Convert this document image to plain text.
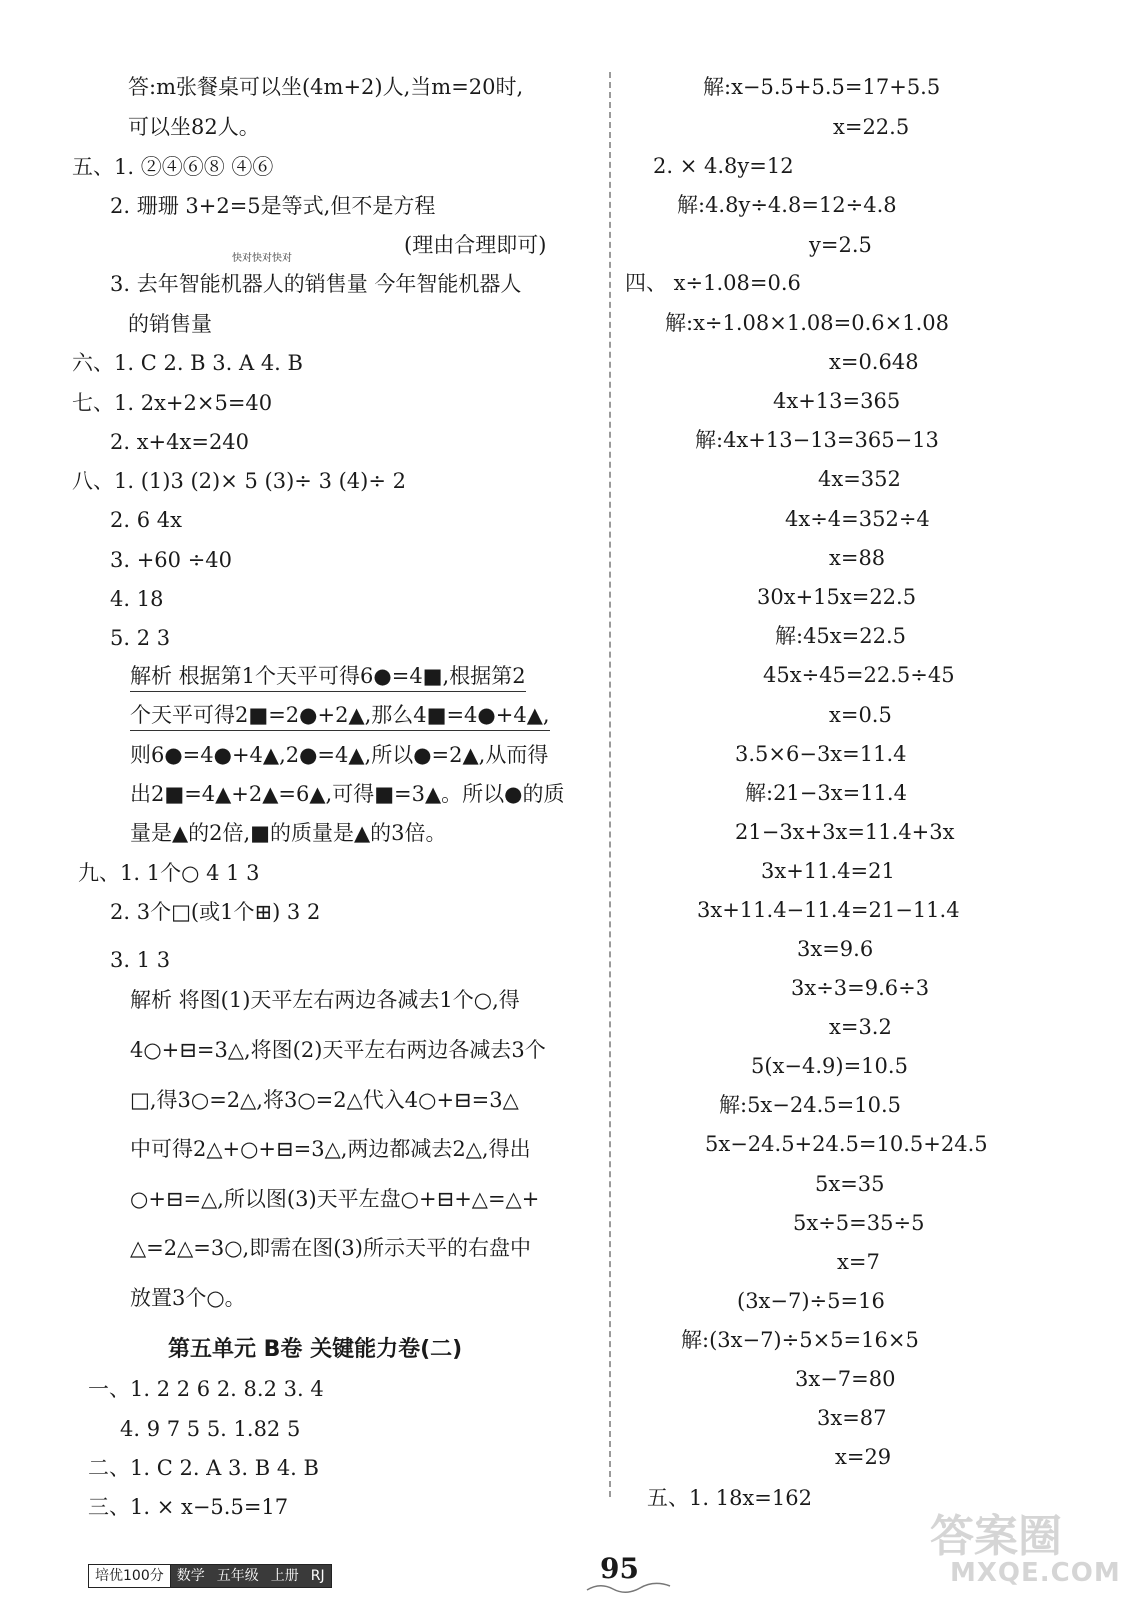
答:m张餐桌可以坐(4m+2)人,当m=20时,
可以坐82人。
五、1. ②④⑥⑧ ④⑥
2. 珊珊 3+2=5是等式,但不是方程
(理由合理即可)
快对快对快对
3. 去年智能机器人的销售量 今年智能机器人
的销售量
六、1. C 2. B 3. A 4. B
七、1. 2x+2×5=40
2. x+4x=240
八、1. (1)3 (2)× 5 (3)÷ 3 (4)÷ 2
2. 6 4x
3. +60 ÷40
4. 18
5. 2 3
解析 根据第1个天平可得6●=4■,根据第2
个天平可得2■=2●+2▲,那么4■=4●+4▲,
则6●=4●+4▲,2●=4▲,所以●=2▲,从而得
出2■=4▲+2▲=6▲,可得■=3▲。所以●的质
量是▲的2倍,■的质量是▲的3倍。
九、1. 1个○ 4 1 3
2. 3个□(或1个⊞) 3 2
3. 1 3
解析 将图(1)天平左右两边各减去1个○,得
4○+⊟=3△,将图(2)天平左右两边各减去3个
□,得3○=2△,将3○=2△代入4○+⊟=3△
中可得2△+○+⊟=3△,两边都减去2△,得出
○+⊟=△,所以图(3)天平左盘○+⊟+△=△+
△=2△=3○,即需在图(3)所示天平的右盘中
放置3个○。
第五单元 B卷 关键能力卷(二)
一、1. 2 2 6 2. 8.2 3. 4
4. 9 7 5 5. 1.82 5
二、1. C 2. A 3. B 4. B
三、1. × x−5.5=17
解:x−5.5+5.5=17+5.5
x=22.5
2. × 4.8y=12
解:4.8y÷4.8=12÷4.8
y=2.5
四、 x÷1.08=0.6
解:x÷1.08×1.08=0.6×1.08
x=0.648
4x+13=365
解:4x+13−13=365−13
4x=352
4x÷4=352÷4
x=88
30x+15x=22.5
解:45x=22.5
45x÷45=22.5÷45
x=0.5
3.5×6−3x=11.4
解:21−3x=11.4
21−3x+3x=11.4+3x
3x+11.4=21
3x+11.4−11.4=21−11.4
3x=9.6
3x÷3=9.6÷3
x=3.2
5(x−4.9)=10.5
解:5x−24.5=10.5
5x−24.5+24.5=10.5+24.5
5x=35
5x÷5=35÷5
x=7
(3x−7)÷5=16
解:(3x−7)÷5×5=16×5
3x−7=80
3x=87
x=29
五、1. 18x=162
培优100分 数学 五年级 上册 RJ	95
答案圈
MXQE.COM
